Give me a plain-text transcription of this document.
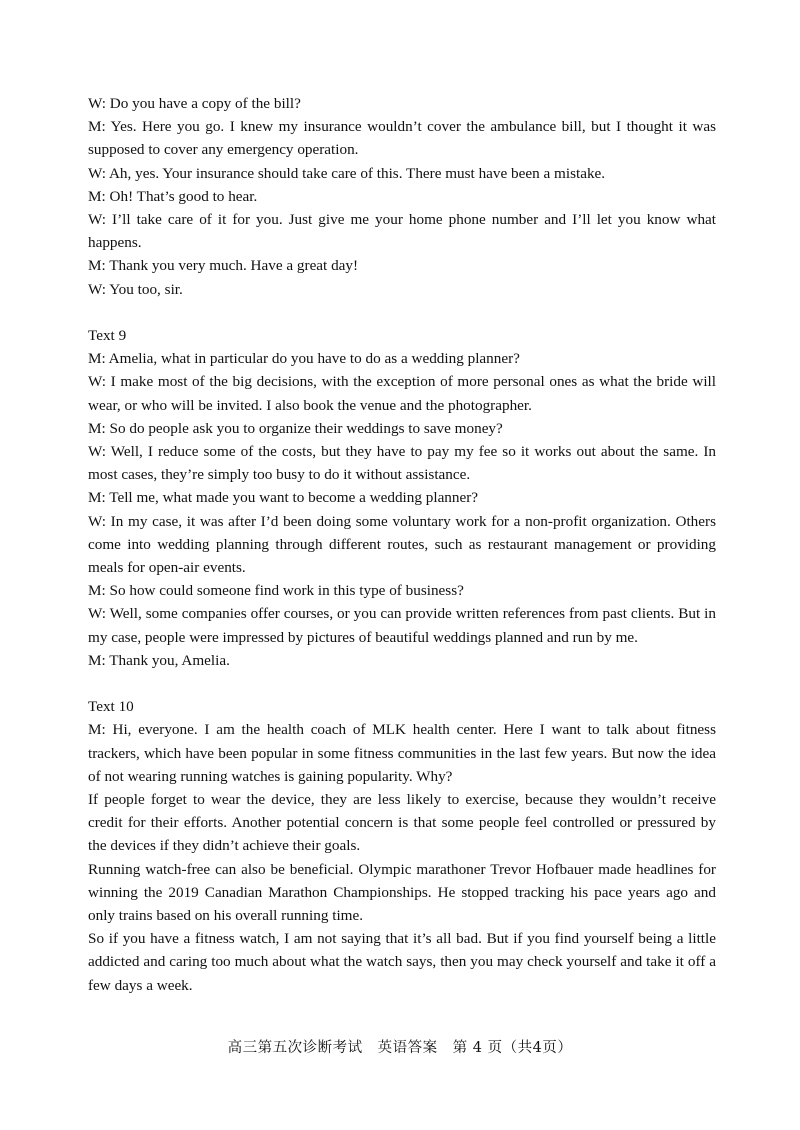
W: Do you have a copy of the bill?

M: Yes. Here you go. I knew my insurance wouldn’t cover the ambulance bill, but I thought it was supposed to cover any emergency operation.

W: Ah, yes. Your insurance should take care of this. There must have been a mistake.

M: Oh! That’s good to hear.

W: I’ll take care of it for you. Just give me your home phone number and I’ll let you know what happens.

M: Thank you very much. Have a great day!

W: You too, sir.

Text 9

M: Amelia, what in particular do you have to do as a wedding planner?

W: I make most of the big decisions, with the exception of more personal ones as what the bride will wear, or who will be invited. I also book the venue and the photographer.

M: So do people ask you to organize their weddings to save money?

W: Well, I reduce some of the costs, but they have to pay my fee so it works out about the same. In most cases, they’re simply too busy to do it without assistance.

M: Tell me, what made you want to become a wedding planner?

W: In my case, it was after I’d been doing some voluntary work for a non-profit organization. Others come into wedding planning through different routes, such as restaurant management or providing meals for open-air events.

M: So how could someone find work in this type of business?

W: Well, some companies offer courses, or you can provide written references from past clients. But in my case, people were impressed by pictures of beautiful weddings planned and run by me.

M: Thank you, Amelia.

Text 10

M: Hi, everyone. I am the health coach of MLK health center. Here I want to talk about fitness trackers, which have been popular in some fitness communities in the last few years. But now the idea of not wearing running watches is gaining popularity. Why?

If people forget to wear the device, they are less likely to exercise, because they wouldn’t receive credit for their efforts. Another potential concern is that some people feel controlled or pressured by the devices if they didn’t achieve their goals.

Running watch-free can also be beneficial. Olympic marathoner Trevor Hofbauer made headlines for winning the 2019 Canadian Marathon Championships. He stopped tracking his pace years ago and only trains based on his overall running time.

So if you have a fitness watch, I am not saying that it’s all bad. But if you find yourself being a little addicted and caring too much about what the watch says, then you may check yourself and take it off a few days a week.

高三第五次诊断考试　英语答案　第 4 页（共4页）
